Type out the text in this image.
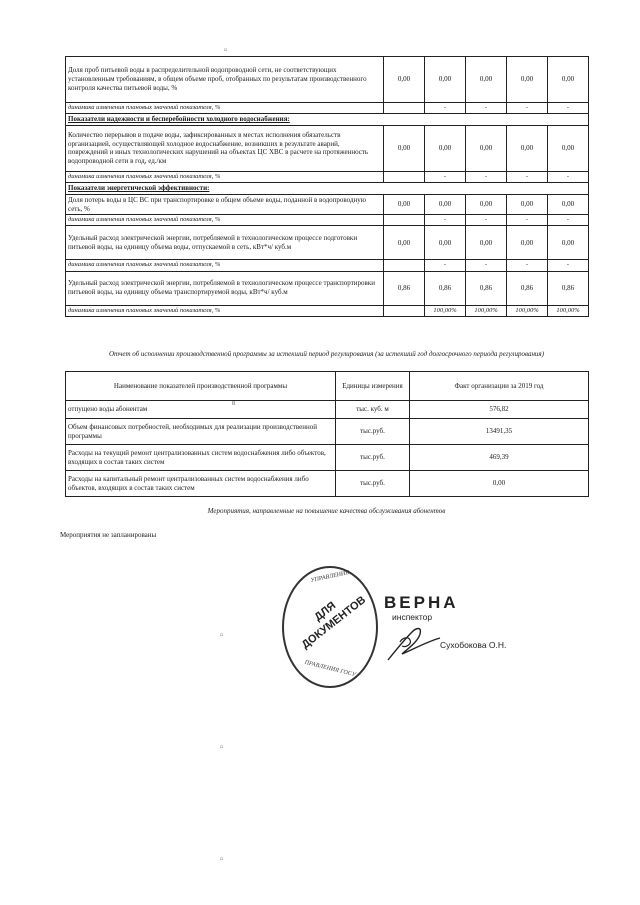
¤
8
¤
¤
¤
Доля проб питьевой воды в распределительной водопроводной сети, не соответствующих установленным требованиям, в общем объеме проб, отобранных по результатам производственного контроля качества питьевой воды, %	0,00	0,00	0,00	0,00	0,00
динамика изменения плановых значений показателя, %		-	-	-	-
Показатели надежности и бесперебойности холодного водоснабжения:					
Количество перерывов в подаче воды, зафиксированных в местах исполнения обязательств организацией, осуществляющей холодное водоснабжение, возникших в результате аварий, повреждений и иных технологических нарушений на объектах ЦС ХВС в расчете на протяженность водопроводной сети в год, ед./км	0,00	0,00	0,00	0,00	0,00
динамика изменения плановых значений показателя, %		-	-	-	-
Показатели энергетической эффективности:					
Доля потерь воды в ЦС ВС при транспортировке в общем объеме воды, поданной в водопроводную сеть, %	0,00	0,00	0,00	0,00	0,00
динамика изменения плановых значений показателя, %		-	-	-	-
Удельный расход электрической энергии, потребляемой в технологическом процессе подготовки питьевой воды, на единицу объема воды, отпускаемой в сеть, кВт*ч/ куб.м	0,00	0,00	0,00	0,00	0,00
динамика изменения плановых значений показателя, %		-	-	-	-
Удельный расход электрической энергии, потребляемой в технологическом процессе транспортировки питьевой воды, на единицу объема транспортируемой воды, кВт*ч/ куб.м	0,86	0,86	0,86	0,86	0,86
динамика изменения плановых значений показателя, %		100,00%	100,00%	100,00%	100,00%
Отчет об исполнении производственной программы за истекший период регулирования (за истекший год долгосрочного периода регулирования)
Наименование показателей производственной программы	Единицы измерения	Факт организации за 2019 год
отпущено воды абонентам	тыс. куб. м	576,82
Объем финансовых потребностей, необходимых для реализации производственной программы	тыс.руб.	13491,35
Расходы на текущий ремонт централизованных систем водоснабжения либо объектов, входящих в состав таких систем	тыс.руб.	469,39
Расходы на капитальный ремонт централизованных систем водоснабжения либо объектов, входящих в состав таких систем	тыс.руб.	0,00
Мероприятия, направленные на повышение качества обслуживания абонентов
Мероприятия не запланированы
УПРАВЛЕНИЯ
ДЛЯ ДОКУМЕНТОВ
ПРАВЛЕНИЯ ГОСУ
ВЕРНА
инспектор
Сухобокова О.Н.
